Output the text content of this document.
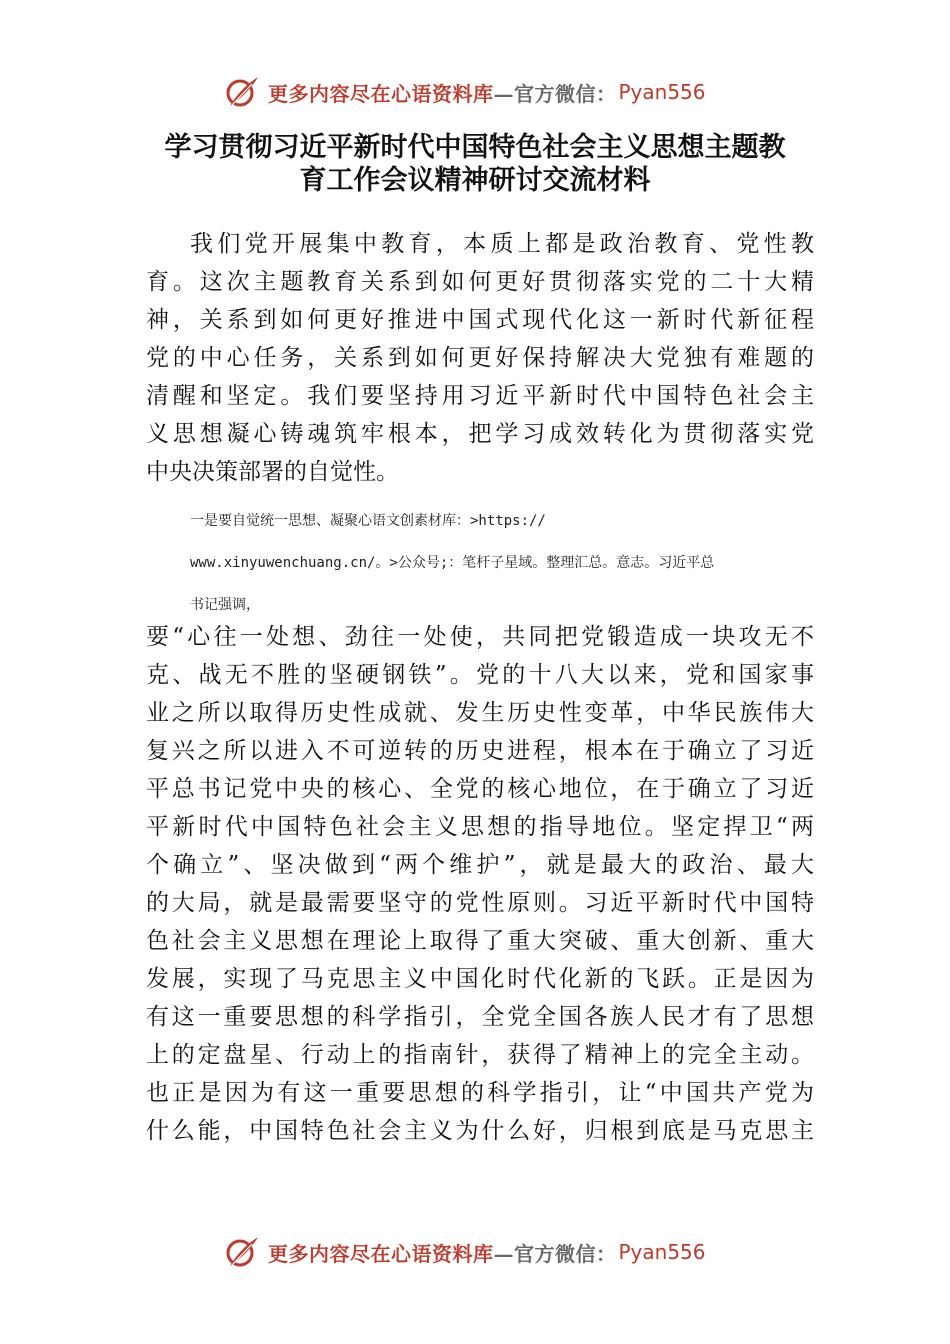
更多内容尽在心语资料库 —官方微信： Pyan556
学习贯彻习近平新时代中国特色社会主义思想主题教
育工作会议精神研讨交流材料
我们党开展集中教育，本质上都是政治教育、党性教
育。这次主题教育关系到如何更好贯彻落实党的二十大精
神，关系到如何更好推进中国式现代化这一新时代新征程
党的中心任务，关系到如何更好保持解决大党独有难题的
清醒和坚定。我们要坚持用习近平新时代中国特色社会主
义思想凝心铸魂筑牢根本，把学习成效转化为贯彻落实党
中央决策部署的自觉性。
一是要自觉统一思想、凝聚心语文创素材库：>https://
www.xinyuwenchuang.cn/。>公众号;：笔杆子星域。整理汇总。意志。习近平总
书记强调，
要“心往一处想、劲往一处使，共同把党锻造成一块攻无不
克、战无不胜的坚硬钢铁”。党的十八大以来，党和国家事
业之所以取得历史性成就、发生历史性变革，中华民族伟大
复兴之所以进入不可逆转的历史进程，根本在于确立了习近
平总书记党中央的核心、全党的核心地位，在于确立了习近
平新时代中国特色社会主义思想的指导地位。坚定捍卫“两
个确立”、坚决做到“两个维护”，就是最大的政治、最大
的大局，就是最需要坚守的党性原则。习近平新时代中国特
色社会主义思想在理论上取得了重大突破、重大创新、重大
发展，实现了马克思主义中国化时代化新的飞跃。正是因为
有这一重要思想的科学指引，全党全国各族人民才有了思想
上的定盘星、行动上的指南针，获得了精神上的完全主动。
也正是因为有这一重要思想的科学指引，让“中国共产党为
什么能，中国特色社会主义为什么好，归根到底是马克思主
更多内容尽在心语资料库 —官方微信： Pyan556
